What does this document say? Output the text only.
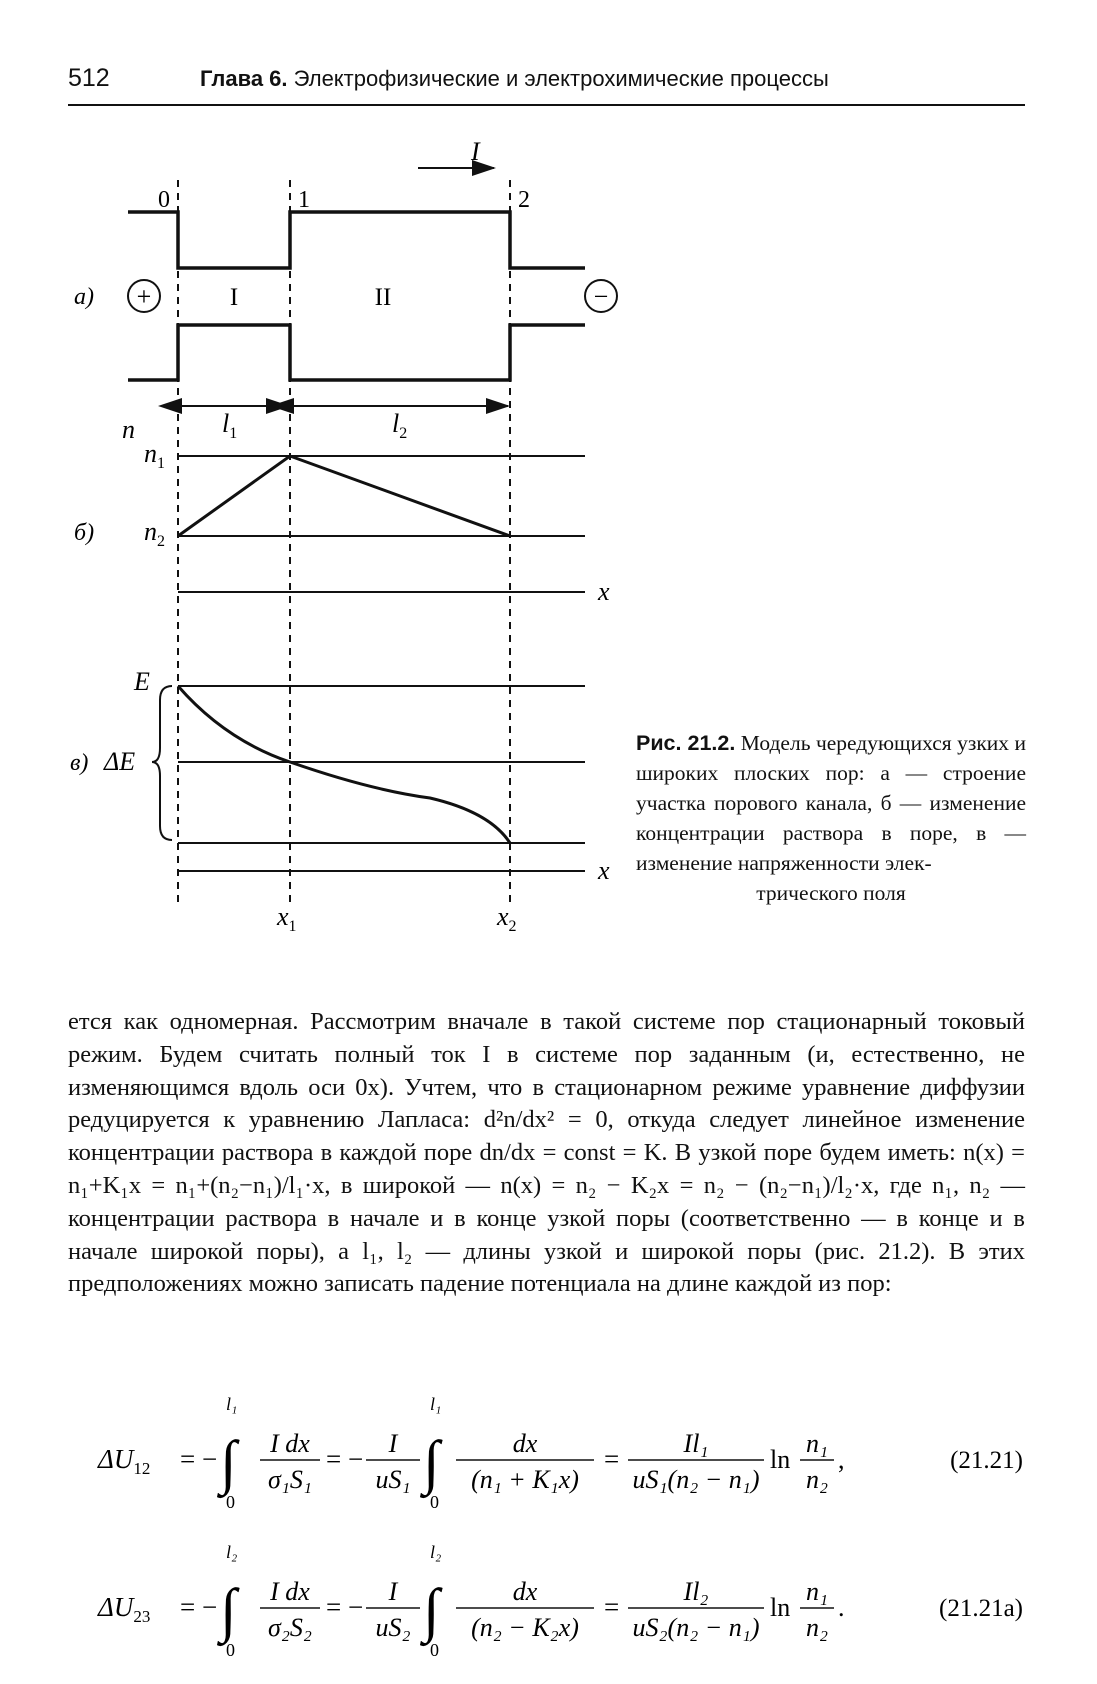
512	Глава 6. Электрофизические и электрохимические процессы
I
0	1	2
а) +	−
I	II
$l_1$	$l_2$
n
$n_1$
$n_2$
б)
x
E
в) ΔE
x
$x_1$	$x_2$
Рис. 21.2. Модель чередующихся узких и широких плоских пор: а — строение участка порового канала, б — изменение концентрации раствора в поре, в — изменение напряженности элек-
трического поля

ется как одномерная. Рассмотрим вначале в такой системе пор стационарный токовый режим. Будем считать полный ток I в системе пор заданным (и, естественно, не изменяющимся вдоль оси 0x). Учтем, что в стационарном режиме уравнение диффузии редуцируется к уравнению Лапласа: d²n/dx² = 0, откуда следует линейное изменение концентрации раствора в каждой поре dn/dx = const = K. В узкой поре будем иметь: n(x) = n₁+K₁x = n₁+(n₂−n₁)/l₁·x, в широкой — n(x) = n₂ − K₂x = n₂ − (n₂−n₁)/l₂·x, где n₁, n₂ — концентрации раствора в начале и в конце узкой поры (соответственно — в конце и в начале широкой поры), а l₁, l₂ — длины узкой и широкой поры (рис. 21.2). В этих предположениях можно записать падение потенциала на длине каждой из пор:

$\Delta U_{12}$ = − ∫
l₁
0
I dx
σ₁S₁
= −
I
uS₁ ∫
l₁
0
dx
(n₁ + K₁x)
=
Il₁
uS₁(n₂ − n₁)
ln
n₁
n₂
,	(21.21)
$\Delta U_{23}$ = − ∫
l₂
0
I dx
σ₂S₂
= −
I
uS₂ ∫
l₂
0
dx
(n₂ − K₂x)
=
Il₂
uS₂(n₂ − n₁)
ln
n₁
n₂
.	(21.21а)
